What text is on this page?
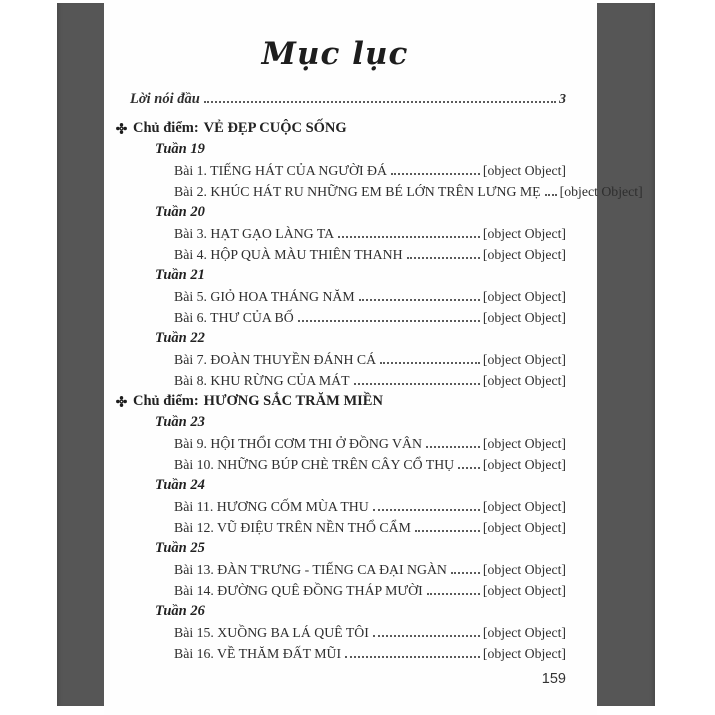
Mục lục
Lời nói đầu	3
Chủ điểm: VẺ ĐẸP CUỘC SỐNG
Tuần 19
Bài 1. TIẾNG HÁT CỦA NGƯỜI ĐÁ	[object Object]
Bài 2. KHÚC HÁT RU NHỮNG EM BÉ LỚN TRÊN LƯNG MẸ [object Object]
Tuần 20
Bài 3. HẠT GẠO LÀNG TA	[object Object]
Bài 4. HỘP QUÀ MÀU THIÊN THANH	[object Object]
Tuần 21
Bài 5. GIỎ HOA THÁNG NĂM	[object Object]
Bài 6. THƯ CỦA BỐ	[object Object]
Tuần 22
Bài 7. ĐOÀN THUYỀN ĐÁNH CÁ	[object Object]
Bài 8. KHU RỪNG CỦA MÁT	[object Object]
Chủ điểm: HƯƠNG SẮC TRĂM MIỀN
Tuần 23
Bài 9. HỘI THỔI CƠM THI Ở ĐỒNG VÂN	[object Object]
Bài 10. NHỮNG BÚP CHÈ TRÊN CÂY CỔ THỤ [object Object]
Tuần 24
Bài 11. HƯƠNG CỐM MÙA THU	[object Object]
Bài 12. VŨ ĐIỆU TRÊN NỀN THỔ CẨM	[object Object]
Tuần 25
Bài 13. ĐÀN T'RƯNG - TIẾNG CA ĐẠI NGÀN	[object Object]
Bài 14. ĐƯỜNG QUÊ ĐỒNG THÁP MƯỜI	[object Object]
Tuần 26
Bài 15. XUỒNG BA LÁ QUÊ TÔI	[object Object]
Bài 16. VỀ THĂM ĐẤT MŨI	[object Object]
159
